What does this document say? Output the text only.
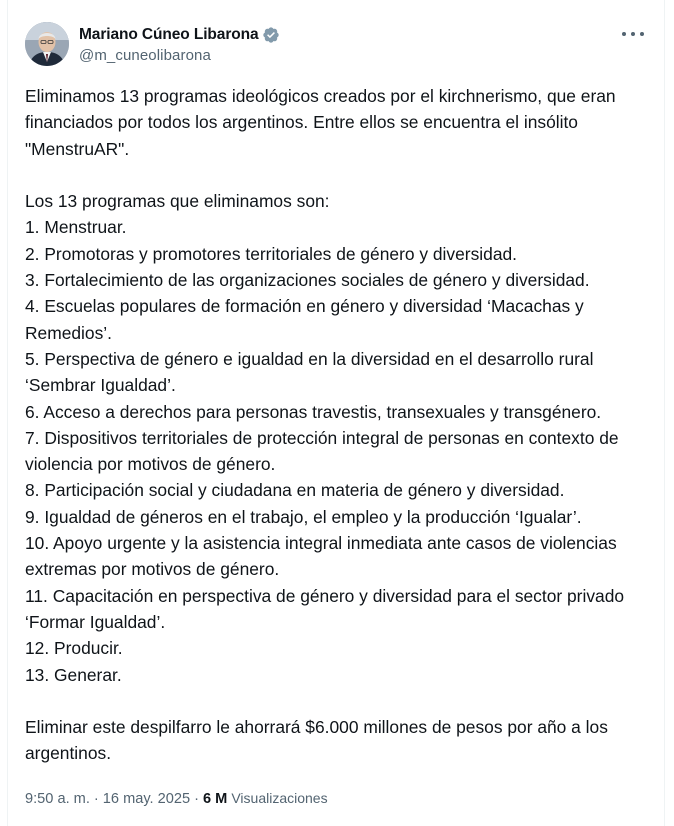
Mariano Cúneo Libarona
@m_cuneolibarona

Eliminamos 13 programas ideológicos creados por el kirchnerismo, que eran financiados por todos los argentinos. Entre ellos se encuentra el insólito "MenstruAR".

Los 13 programas que eliminamos son:

1. Menstruar.
2. Promotoras y promotores territoriales de género y diversidad.
3. Fortalecimiento de las organizaciones sociales de género y diversidad.
4. Escuelas populares de formación en género y diversidad ‘Macachas y Remedios’.
5. Perspectiva de género e igualdad en la diversidad en el desarrollo rural ‘Sembrar Igualdad’.
6. Acceso a derechos para personas travestis, transexuales y transgénero.
7. Dispositivos territoriales de protección integral de personas en contexto de violencia por motivos de género.
8. Participación social y ciudadana en materia de género y diversidad.
9. Igualdad de géneros en el trabajo, el empleo y la producción ‘Igualar’.
10. Apoyo urgente y la asistencia integral inmediata ante casos de violencias extremas por motivos de género.
11. Capacitación en perspectiva de género y diversidad para el sector privado ‘Formar Igualdad’.
12. Producir.
13. Generar.

Eliminar este despilfarro le ahorrará $6.000 millones de pesos por año a los argentinos.

9:50 a. m. · 16 may. 2025 · 6 M Visualizaciones
